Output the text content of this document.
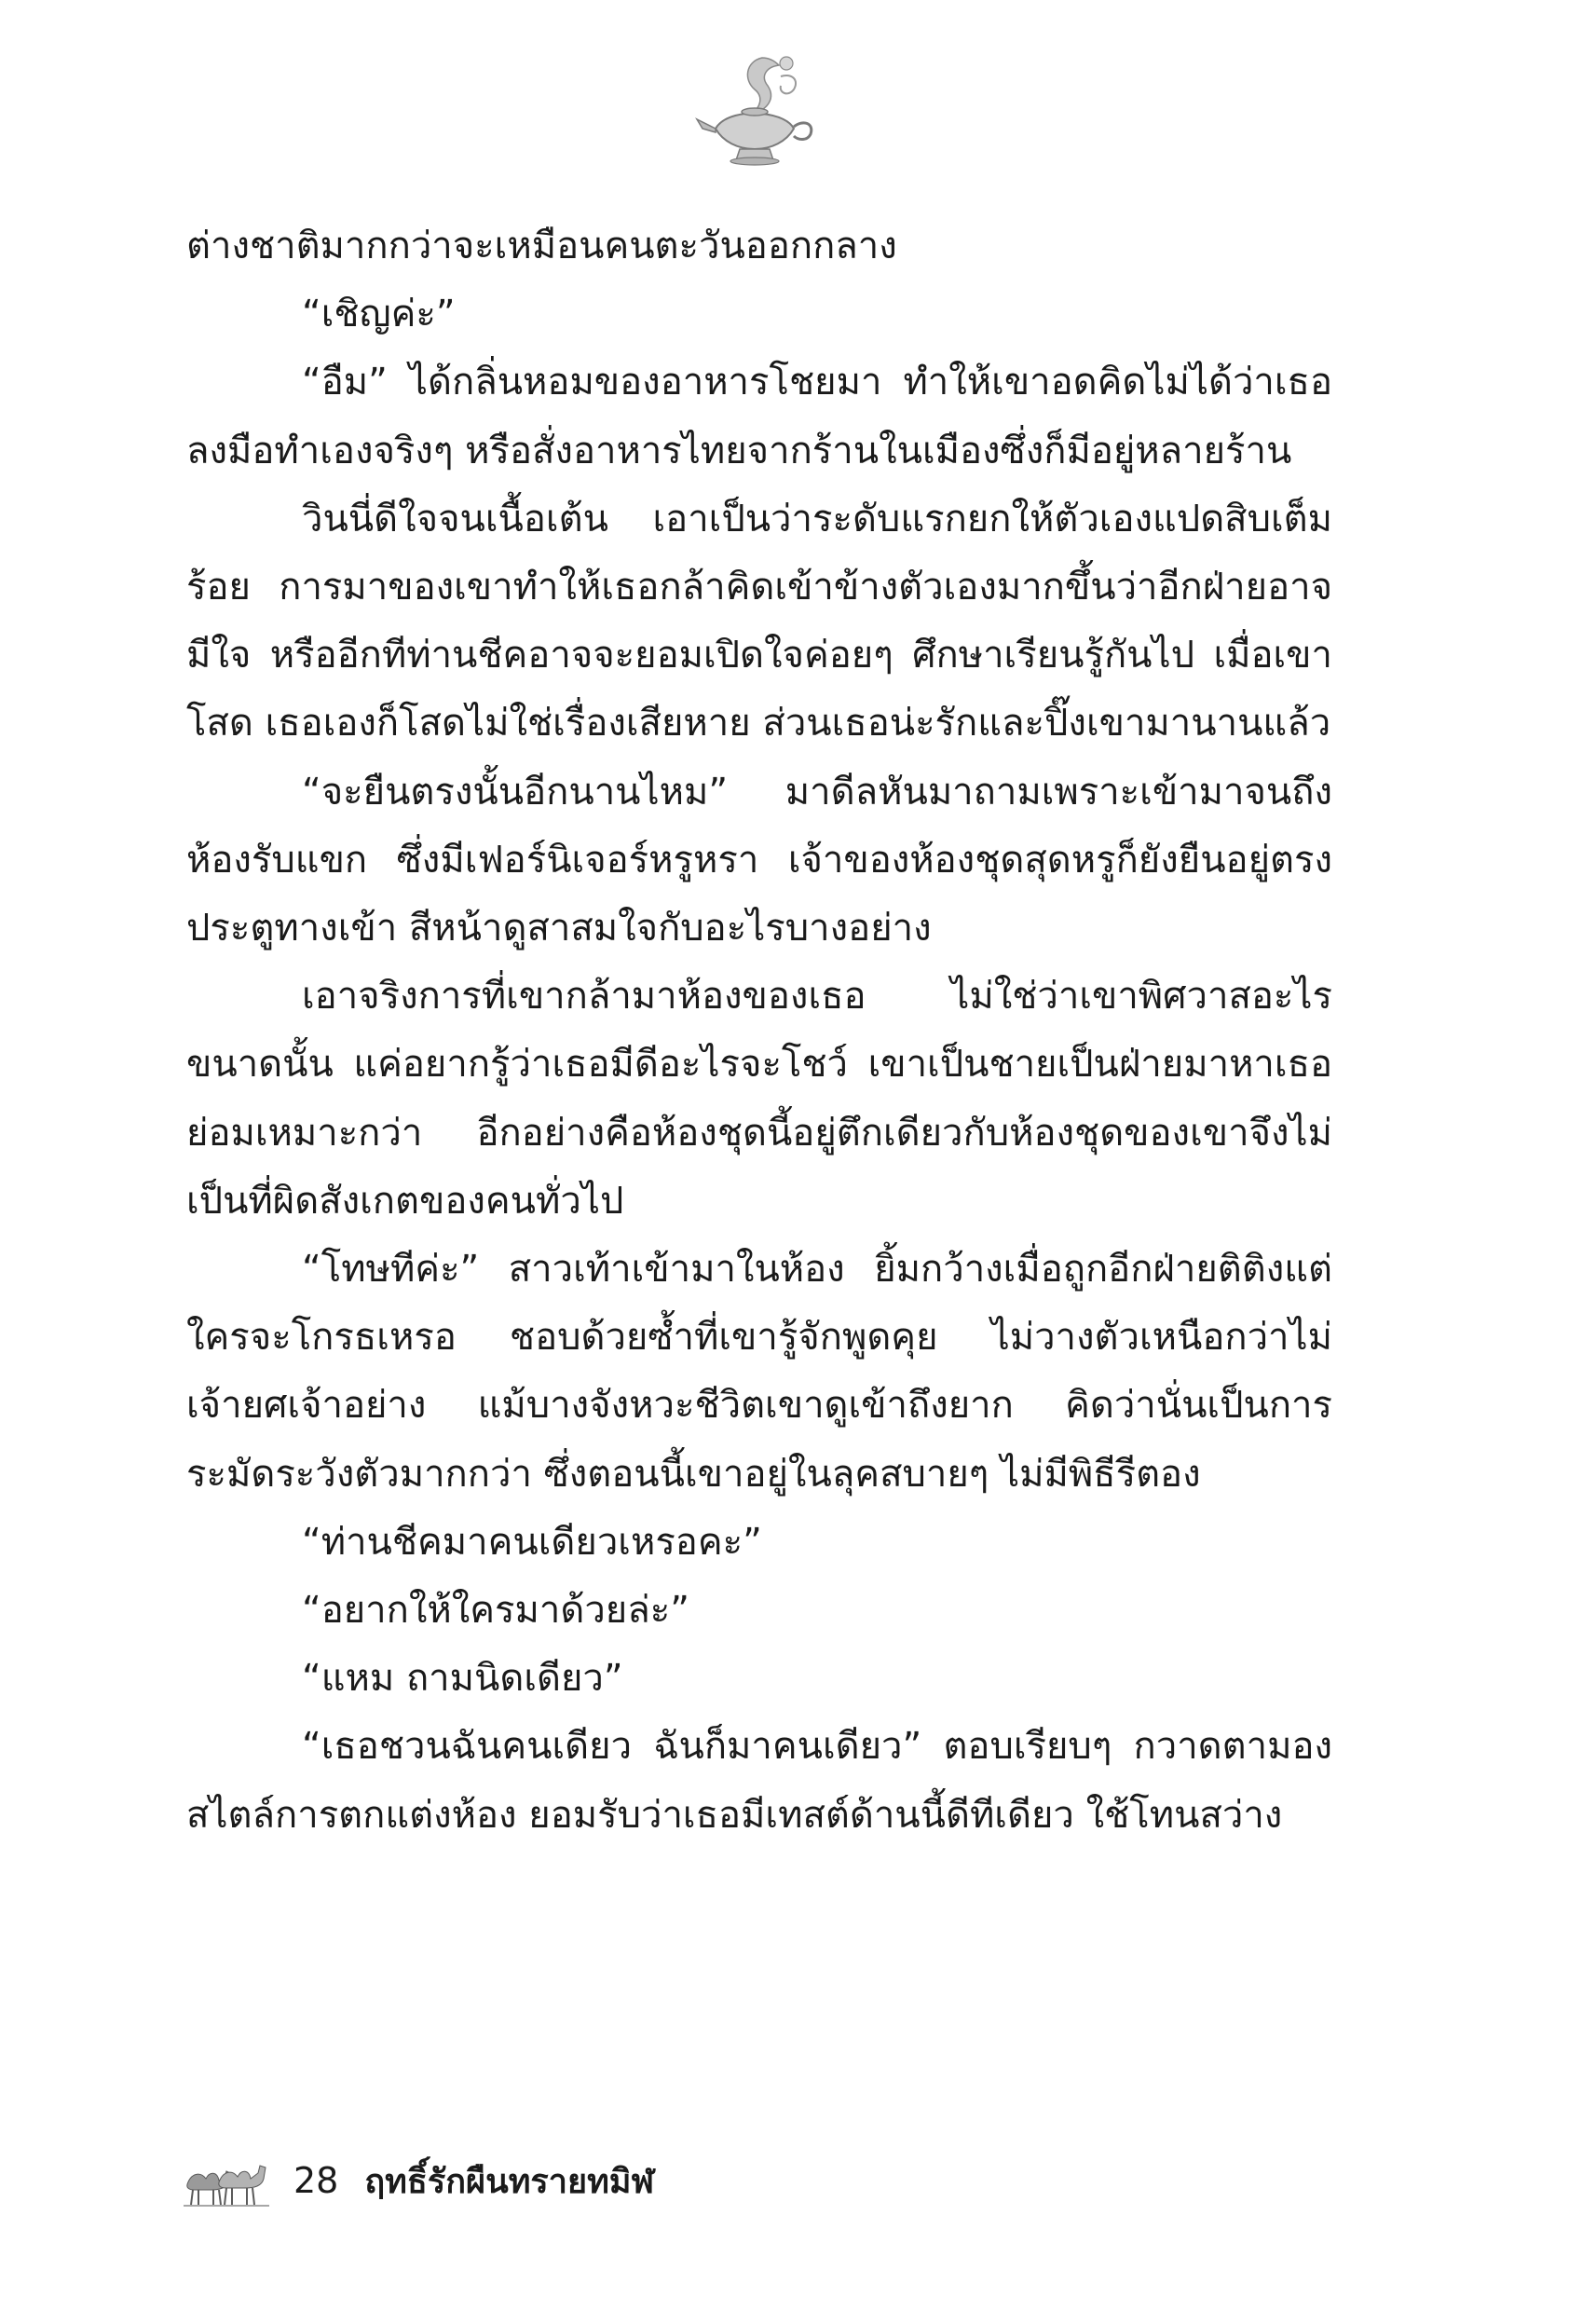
ต่างชาติมากกว่าจะเหมือนคนตะวันออกกลาง

“เชิญค่ะ”

“อืม” ได้กลิ่นหอมของอาหารโชยมา ทำให้เขาอดคิดไม่ได้ว่าเธอลงมือทำเองจริงๆ หรือสั่งอาหารไทยจากร้านในเมืองซึ่งก็มีอยู่หลายร้าน

วินนี่ดีใจจนเนื้อเต้น เอาเป็นว่าระดับแรกยกให้ตัวเองแปดสิบเต็มร้อย การมาของเขาทำให้เธอกล้าคิดเข้าข้างตัวเองมากขึ้นว่าอีกฝ่ายอาจมีใจ หรืออีกทีท่านชีคอาจจะยอมเปิดใจค่อยๆ ศึกษาเรียนรู้กันไป เมื่อเขาโสด เธอเองก็โสดไม่ใช่เรื่องเสียหาย ส่วนเธอน่ะรักและปิ๊งเขามานานแล้ว

“จะยืนตรงนั้นอีกนานไหม” มาดีลหันมาถามเพราะเข้ามาจนถึงห้องรับแขก ซึ่งมีเฟอร์นิเจอร์หรูหรา เจ้าของห้องชุดสุดหรูก็ยังยืนอยู่ตรงประตูทางเข้า สีหน้าดูสาสมใจกับอะไรบางอย่าง

เอาจริงการที่เขากล้ามาห้องของเธอ ไม่ใช่ว่าเขาพิศวาสอะไรขนาดนั้น แค่อยากรู้ว่าเธอมีดีอะไรจะโชว์ เขาเป็นชายเป็นฝ่ายมาหาเธอย่อมเหมาะกว่า อีกอย่างคือห้องชุดนี้อยู่ตึกเดียวกับห้องชุดของเขาจึงไม่เป็นที่ผิดสังเกตของคนทั่วไป

“โทษทีค่ะ” สาวเท้าเข้ามาในห้อง ยิ้มกว้างเมื่อถูกอีกฝ่ายติติงแต่ใครจะโกรธเหรอ ชอบด้วยซ้ำที่เขารู้จักพูดคุย ไม่วางตัวเหนือกว่าไม่เจ้ายศเจ้าอย่าง แม้บางจังหวะชีวิตเขาดูเข้าถึงยาก คิดว่านั่นเป็นการระมัดระวังตัวมากกว่า ซึ่งตอนนี้เขาอยู่ในลุคสบายๆ ไม่มีพิธีรีตอง

“ท่านชีคมาคนเดียวเหรอคะ”

“อยากให้ใครมาด้วยล่ะ”

“แหม ถามนิดเดียว”

“เธอชวนฉันคนเดียว ฉันก็มาคนเดียว” ตอบเรียบๆ กวาดตามองสไตล์การตกแต่งห้อง ยอมรับว่าเธอมีเทสต์ด้านนี้ดีทีเดียว ใช้โทนสว่าง

28 ฤทธิ์รักผืนทรายทมิฬ
